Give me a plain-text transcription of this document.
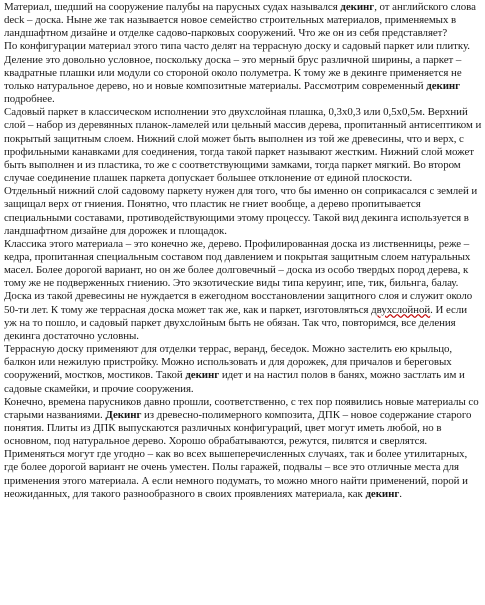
Материал, шедший на сооружение палубы на парусных судах назывался декинг, от английского слова deck – доска. Ныне же так называется новое семейство строительных материалов, применяемых в ландшафтном дизайне и отделке садово-парковых сооружений. Что же он из себя представляет?

По конфигурации материал этого типа часто делят на террасную доску и садовый паркет или плитку. Деление это довольно условное, поскольку доска – это мерный брус различной ширины, а паркет – квадратные плашки или модули со стороной около полуметра. К тому же в декинге применяется не только натуральное дерево, но и новые композитные материалы. Рассмотрим современный декинг подробнее.

Садовый паркет в классическом исполнении это двухслойная плашка, 0,3х0,3 или 0,5х0,5м. Верхний слой – набор из деревянных планок-ламелей или цельный массив дерева, пропитанный антисептиком и покрытый защитным слоем. Нижний слой может быть выполнен из той же древесины, что и верх, с профильными канавками для соединения, тогда такой паркет называют жестким. Нижний слой может быть выполнен и из пластика, то же с соответствующими замками, тогда паркет мягкий. Во втором случае соединение плашек паркета допускает большее отклонение от единой плоскости.

Отдельный нижний слой садовому паркету нужен для того, что бы именно он соприкасался с землей и защищал верх от гниения. Понятно, что пластик не гниет вообще, а дерево пропитывается специальными составами, противодействующими этому процессу. Такой вид декинга используется в ландшафтном дизайне для дорожек и площадок.

Классика этого материала – это конечно же, дерево. Профилированная доска из лиственницы, реже – кедра, пропитанная специальным составом под давлением и покрытая защитным слоем натуральных масел. Более дорогой вариант, но он же более долговечный – доска из особо твердых пород дерева, к тому же не подверженных гниению. Это экзотические виды типа керуинг, ипе, тик, бильнга, балау. Доска из такой древесины не нуждается в ежегодном восстановлении защитного слоя и служит около 50-ти лет. К тому же террасная доска может так же, как и паркет, изготовляться двухслойной. И если уж на то пошло, и садовый паркет двухслойным быть не обязан. Так что, повторимся, все деления декинга достаточно условны.

Террасную доску применяют для отделки террас, веранд, беседок. Можно застелить ею крыльцо, балкон или нежилую пристройку. Можно использовать и для дорожек, для причалов и береговых сооружений, мостков, мостиков. Такой декинг идет и на настил полов в банях, можно застлать им и садовые скамейки, и прочие сооружения.

Конечно, времена парусников давно прошли, соответственно, с тех пор появились новые материалы со старыми названиями. Декинг из древесно-полимерного композита, ДПК – новое содержание старого понятия. Плиты из ДПК выпускаются различных конфигураций, цвет могут иметь любой, но в основном, под натуральное дерево. Хорошо обрабатываются, режутся, пилятся и сверлятся. Применяться могут где угодно – как во всех вышеперечисленных случаях, так и более утилитарных, где более дорогой вариант не очень уместен. Полы гаражей, подвалы – все это отличные места для применения этого материала. А если немного подумать, то можно много найти применений, порой и неожиданных, для такого разнообразного в своих проявлениях материала, как декинг.
